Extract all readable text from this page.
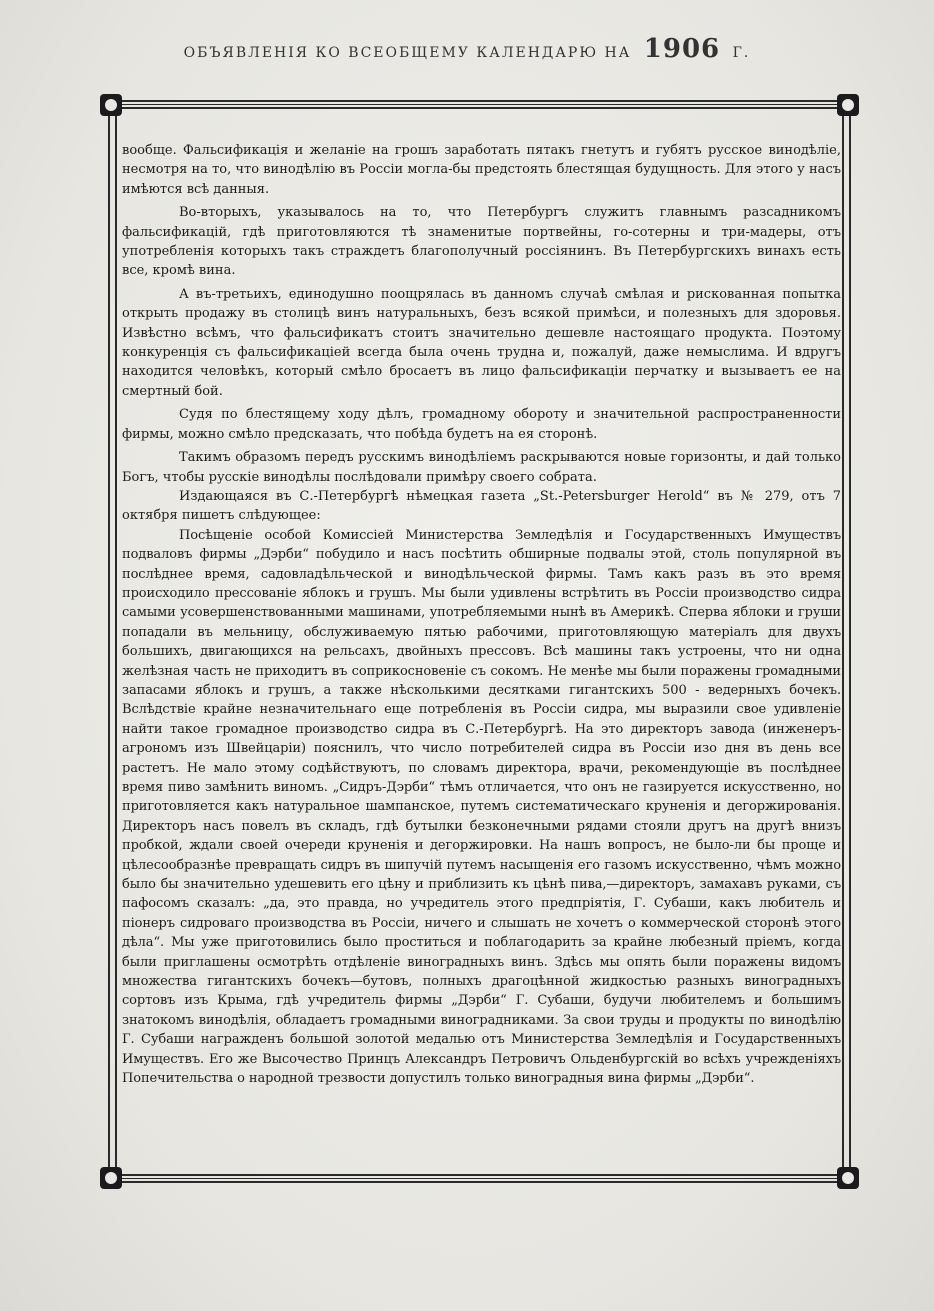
ОБЪЯВЛЕНІЯ КО ВСЕОБЩЕМУ КАЛЕНДАРЮ НА 1906 Г.

вообще. Фальсификація и желаніе на грошъ заработать пятакъ гнетутъ и губятъ русское винодѣліе, несмотря на то, что винодѣлію въ Россіи могла-бы предстоять блестящая будущность. Для этого у насъ имѣются всѣ данныя.

Во-вторыхъ, указывалось на то, что Петербургъ служитъ главнымъ разсадникомъ фальсификацій, гдѣ приготовляются тѣ знаменитые портвейны, го-сотерны и три-мадеры, отъ употребленія которыхъ такъ страждетъ благополучный россіянинъ. Въ Петербургскихъ винахъ есть все, кромѣ вина.

А въ-третьихъ, единодушно поощрялась въ данномъ случаѣ смѣлая и рискованная попытка открыть продажу въ столицѣ винъ натуральныхъ, безъ всякой примѣси, и полезныхъ для здоровья. Извѣстно всѣмъ, что фальсификатъ стоитъ значительно дешевле настоящаго продукта. Поэтому конкуренція съ фальсификаціей всегда была очень трудна и, пожалуй, даже немыслима. И вдругъ находится человѣкъ, который смѣло бросаетъ въ лицо фальсификаціи перчатку и вызываетъ ее на смертный бой.

Судя по блестящему ходу дѣлъ, громадному обороту и значительной распространенности фирмы, можно смѣло предсказать, что побѣда будетъ на ея сторонѣ.

Такимъ образомъ передъ русскимъ винодѣліемъ раскрываются новые горизонты, и дай только Богъ, чтобы русскіе винодѣлы послѣдовали примѣру своего собрата.

Издающаяся въ С.-Петербургѣ нѣмецкая газета „St.-Petersburger Herold“ въ № 279, отъ 7 октября пишетъ слѣдующее:

Посѣщеніе особой Комиссіей Министерства Земледѣлія и Государственныхъ Имуществъ подваловъ фирмы „Дэрби“ побудило и насъ посѣтить обширные подвалы этой, столь популярной въ послѣднее время, садовладѣльческой и винодѣльческой фирмы. Тамъ какъ разъ въ это время происходило прессованіе яблокъ и грушъ. Мы были удивлены встрѣтить въ Россіи производство сидра самыми усовершенствованными машинами, употребляемыми нынѣ въ Америкѣ. Сперва яблоки и груши попадали въ мельницу, обслуживаемую пятью рабочими, приготовляющую матеріалъ для двухъ большихъ, двигающихся на рельсахъ, двойныхъ прессовъ. Всѣ машины такъ устроены, что ни одна желѣзная часть не приходитъ въ соприкосновеніе съ сокомъ. Не менѣе мы были поражены громадными запасами яблокъ и грушъ, а также нѣсколькими десятками гигантскихъ 500 - ведерныхъ бочекъ. Вслѣдствіе крайне незначительнаго еще потребленія въ Россіи сидра, мы выразили свое удивленіе найти такое громадное производство сидра въ С.-Петербургѣ. На это директоръ завода (инженеръ-агрономъ изъ Швейцаріи) пояснилъ, что число потребителей сидра въ Россіи изо дня въ день все растетъ. Не мало этому содѣйствуютъ, по словамъ директора, врачи, рекомендующіе въ послѣднее время пиво замѣнить виномъ. „Сидръ-Дэрби“ тѣмъ отличается, что онъ не газируется искусственно, но приготовляется какъ натуральное шампанское, путемъ систематическаго круненія и дегоржированія. Директоръ насъ повелъ въ складъ, гдѣ бутылки безконечными рядами стояли другъ на другѣ внизъ пробкой, ждали своей очереди круненія и дегоржировки. На нашъ вопросъ, не было-ли бы проще и цѣлесообразнѣе превращать сидръ въ шипучій путемъ насыщенія его газомъ искусственно, чѣмъ можно было бы значительно удешевить его цѣну и приблизить къ цѣнѣ пива,—директоръ, замахавъ руками, съ пафосомъ сказалъ: „да, это правда, но учредитель этого предпріятія, Г. Субаши, какъ любитель и піонеръ сидроваго производства въ Россіи, ничего и слышать не хочетъ о коммерческой сторонѣ этого дѣла“. Мы уже приготовились было проститься и поблагодарить за крайне любезный пріемъ, когда были приглашены осмотрѣть отдѣленіе виноградныхъ винъ. Здѣсь мы опять были поражены видомъ множества гигантскихъ бочекъ—бутовъ, полныхъ драгоцѣнной жидкостью разныхъ виноградныхъ сортовъ изъ Крыма, гдѣ учредитель фирмы „Дэрби“ Г. Субаши, будучи любителемъ и большимъ знатокомъ винодѣлія, обладаетъ громадными виноградниками. За свои труды и продукты по винодѣлію Г. Субаши награжденъ большой золотой медалью отъ Министерства Земледѣлія и Государственныхъ Имуществъ. Его же Высочество Принцъ Александръ Петровичъ Ольденбургскій во всѣхъ учрежденіяхъ Попечительства о народной трезвости допустилъ только виноградныя вина фирмы „Дэрби“.
